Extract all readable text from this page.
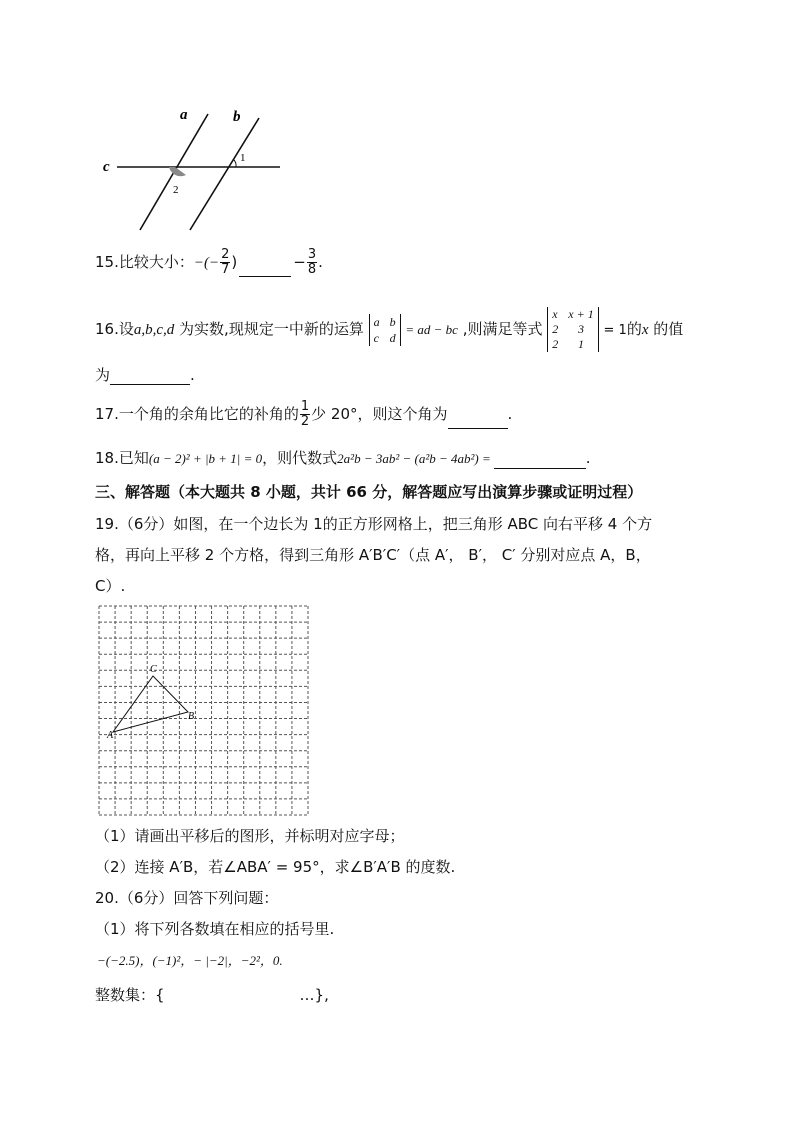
a	b
c
1
2
15.比较大小：−(− $\frac{2}{7}$ )	− $\frac{3}{8}$ .
16.设a,b,c,d 为实数,现规定一中新的运算 a b
c d
= ad − bc ,则满足等式
x x + 1
2	3
2	1
= 1的x 的值
为	.
17.一个角的余角比它的补角的 $\frac{1}{2}$ 少 20°，则这个角为	.
18.已知(a − 2)² + |b + 1| = 0，则代数式2a²b − 3ab² − (a²b − 4ab²) =	.
三、解答题（本大题共 8 小题，共计 66 分，解答题应写出演算步骤或证明过程）
19.（6分）如图，在一个边长为 1的正方形网格上，把三角形 ABC 向右平移 4 个方
格，再向上平移 2 个方格，得到三角形 A′B′C′（点 A′， B′， C′ 分别对应点 A，B，
C）.
A
B
C
（1）请画出平移后的图形，并标明对应字母；
（2）连接 A′B，若∠ABA′ = 95°，求∠B′A′B 的度数.
20.（6分）回答下列问题：
（1）将下列各数填在相应的括号里.
−(−2.5)，(−1)²，− |−2|，−2²，0.
整数集：{	…},
